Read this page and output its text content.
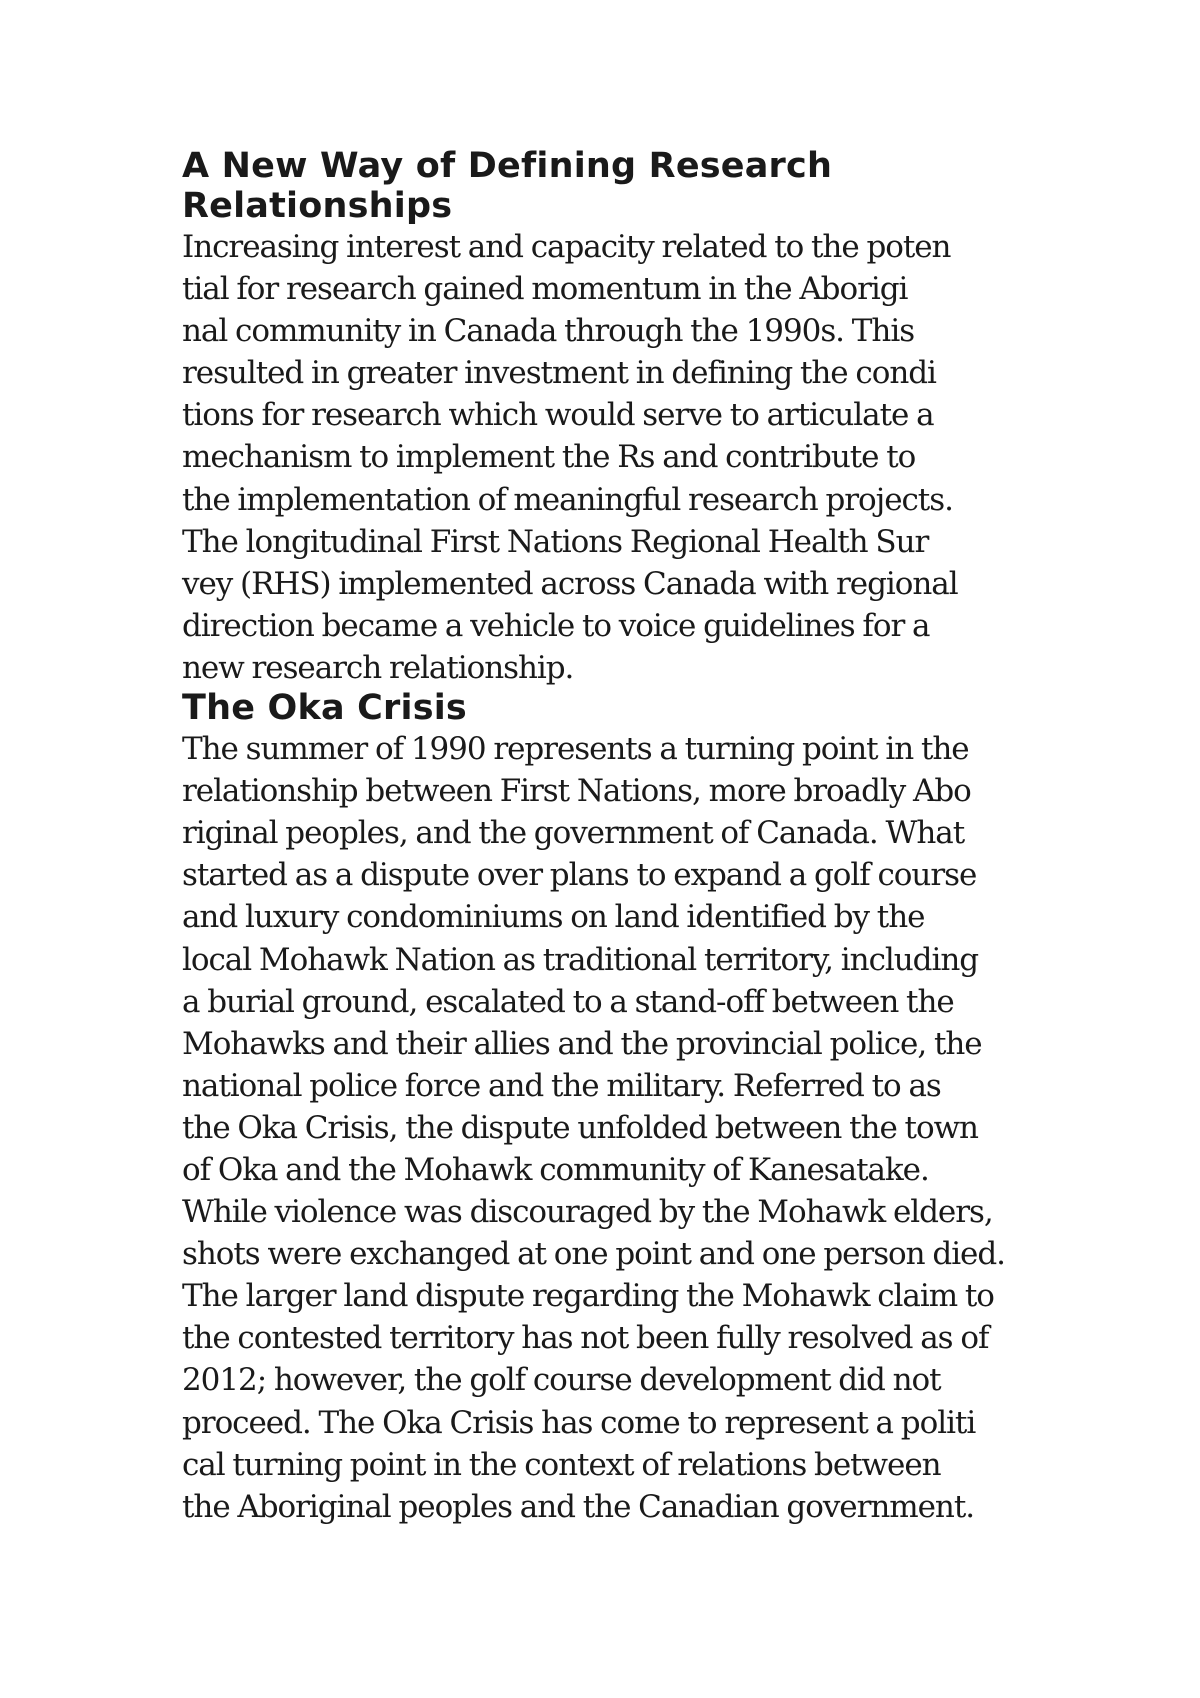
A New Way of Defining Research
Relationships

Increasing interest and capacity related to the poten
tial for research gained momentum in the Aborigi
nal community in Canada through the 1990s. This
resulted in greater investment in defining the condi
tions for research which would serve to articulate a
mechanism to implement the Rs and contribute to
the implementation of meaningful research projects.
The longitudinal First Nations Regional Health Sur
vey (RHS) implemented across Canada with regional
direction became a vehicle to voice guidelines for a
new research relationship.

The Oka Crisis

The summer of 1990 represents a turning point in the
relationship between First Nations, more broadly Abo
riginal peoples, and the government of Canada. What
started as a dispute over plans to expand a golf course
and luxury condominiums on land identified by the
local Mohawk Nation as traditional territory, including
a burial ground, escalated to a stand-off between the
Mohawks and their allies and the provincial police, the
national police force and the military. Referred to as
the Oka Crisis, the dispute unfolded between the town
of Oka and the Mohawk community of Kanesatake.
While violence was discouraged by the Mohawk elders,
shots were exchanged at one point and one person died.
The larger land dispute regarding the Mohawk claim to
the contested territory has not been fully resolved as of
2012; however, the golf course development did not
proceed. The Oka Crisis has come to represent a politi
cal turning point in the context of relations between
the Aboriginal peoples and the Canadian government.
